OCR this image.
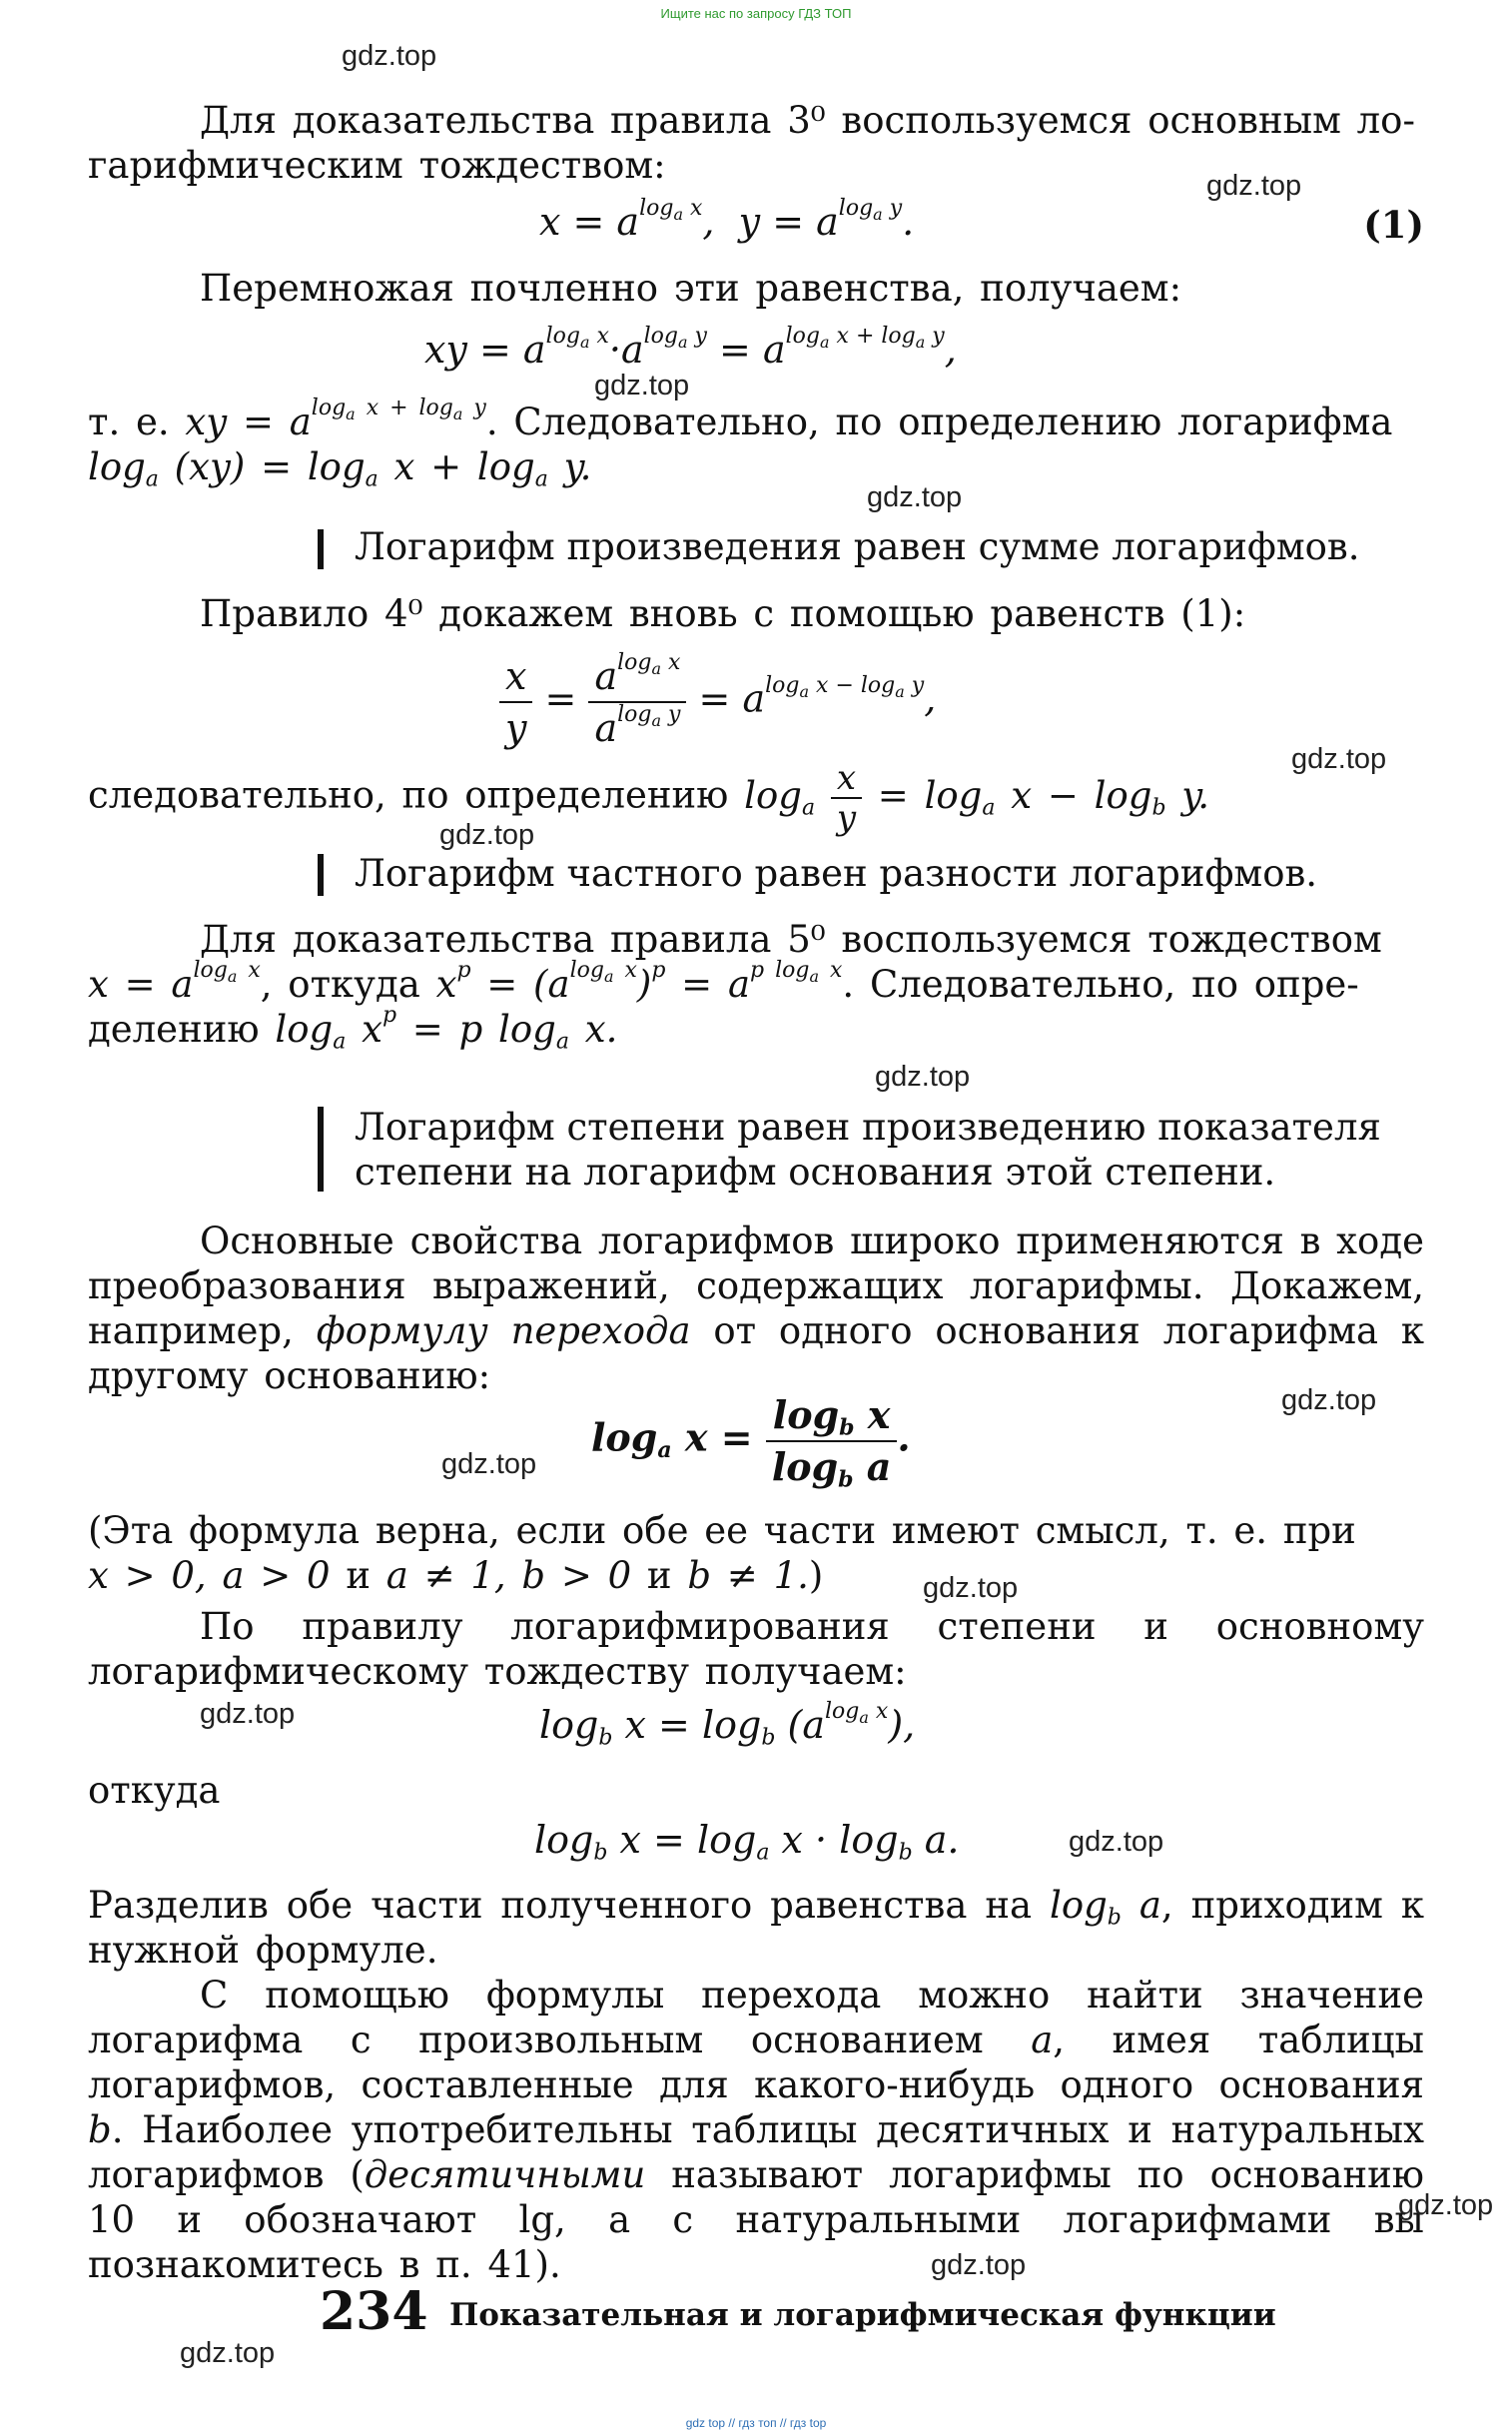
Ищите нас по запросу ГДЗ ТОП
Для доказательства правила 3⁰ воспользуемся основным ло-
гарифмическим тождеством:
$x = a^{log_a x}$,  $y = a^{log_a y}$.	(1)
Перемножая почленно эти равенства, получаем:
xy = $a^{log_a x}\cdot a^{log_a y} = a^{log_a x + log_a y}$,
т. е. xy = $a^{log_a x + log_a y}$. Следовательно, по определению логарифма
$\log_a (xy) = \log_a x + \log_a y$.
Логарифм произведения равен сумме логарифмов.
Правило 4⁰ докажем вновь с помощью равенств (1):
$\frac{x}{y} = \frac{a^{log_a x}}{a^{log_a y}} = a^{log_a x - log_a y}$,
следовательно, по определению $\log_a \frac{x}{y} = \log_a x - \log_b y$.
Логарифм частного равен разности логарифмов.
Для доказательства правила 5⁰ воспользуемся тождеством
$x = a^{log_a x}$, откуда $x^p = (a^{log_a x})^p = a^{p log_a x}$. Следовательно, по опре-
делению $\log_a x^p = p$ $\log_a x$.
Логарифм степени равен произведению показателя
степени на логарифм основания этой степени.
Основные свойства логарифмов широко применяются в ходе преобразования выражений, содержащих логарифмы. Докажем, например, формулу перехода от одного основания логарифма к другому основанию:
$\log_a x = \frac{\log_b x}{\log_b a}$ .
(Эта формула верна, если обе ее части имеют смысл, т. е. при
x > 0, a > 0 и a ≠ 1, b > 0 и b ≠ 1.)
По правилу логарифмирования степени и основному логарифмическому тождеству получаем:
$\log_b x = \log_b (a^{log_a x})$,
откуда
$\log_b x = \log_a x \cdot \log_b a$.
Разделив обе части полученного равенства на $\log_b a$, приходим к нужной формуле.
С помощью формулы перехода можно найти значение логарифма с произвольным основанием a, имея таблицы логарифмов, составленные для какого-нибудь одного основания b. Наиболее употребительны таблицы десятичных и натуральных логарифмов (десятичными называют логарифмы по основанию 10 и обозначают lg, а с натуральными логарифмами вы познакомитесь в п. 41).
234 Показательная и логарифмическая функции
gdz.top
gdz.top
gdz.top
gdz.top
gdz.top
gdz.top
gdz.top
gdz.top
gdz.top
gdz.top
gdz.top
gdz.top
gdz.top
gdz.top
gdz.top
gdz top // гдз топ // гдз top
